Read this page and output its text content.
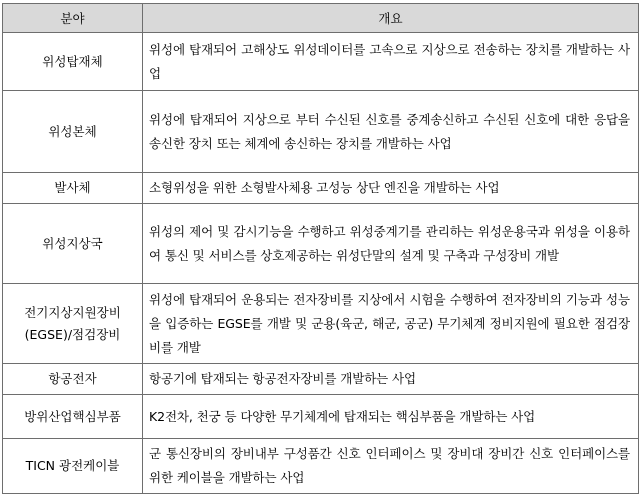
분야	개요
위성탑재체	위성에 탑재되어 고해상도 위성데이터를 고속으로 지상으로 전송하는 장치를 개발하는 사업
위성본체	위성에 탑재되어 지상으로 부터 수신된 신호를 중계송신하고 수신된 신호에 대한 응답을 송신한 장치 또는 체계에 송신하는 장치를 개발하는 사업
발사체	소형위성을 위한 소형발사체용 고성능 상단 엔진을 개발하는 사업
위성지상국	위성의 제어 및 감시기능을 수행하고 위성중계기를 관리하는 위성운용국과 위성을 이용하여 통신 및 서비스를 상호제공하는 위성단말의 설계 및 구축과 구성장비 개발
전기지상지원장비(EGSE)/점검장비	위성에 탑재되어 운용되는 전자장비를 지상에서 시험을 수행하여 전자장비의 기능과 성능을 입증하는 EGSE를 개발 및 군용(육군, 해군, 공군) 무기체계 정비지원에 필요한 점검장비를 개발
항공전자	항공기에 탑재되는 항공전자장비를 개발하는 사업
방위산업핵심부품	K2전차, 천궁 등 다양한 무기체계에 탑재되는 핵심부품을 개발하는 사업
TICN 광전케이블	군 통신장비의 장비내부 구성품간 신호 인터페이스 및 장비대 장비간 신호 인터페이스를 위한 케이블을 개발하는 사업
